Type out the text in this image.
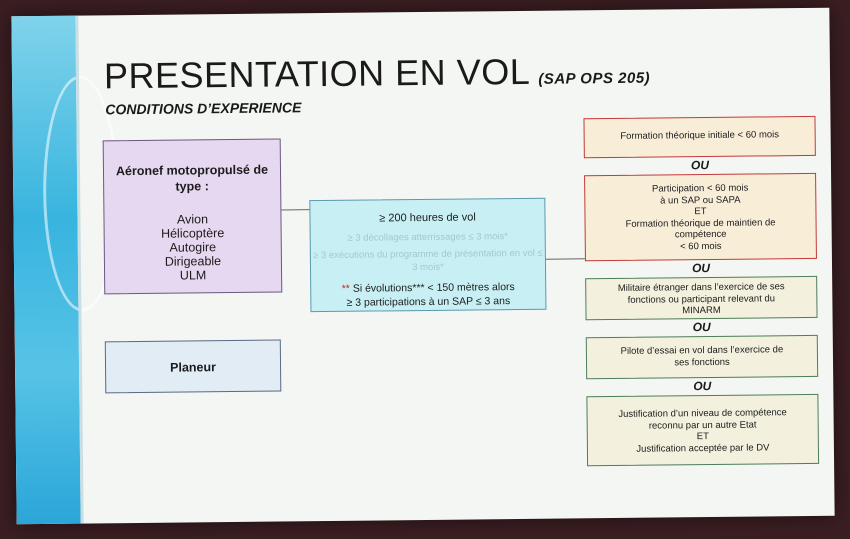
PRESENTATION EN VOL (SAP OPS 205)
CONDITIONS D’EXPERIENCE
Aéronef motopropulsé de type :
Avion
Hélicoptère
Autogire
Dirigeable
ULM
Planeur
≥ 200 heures de vol
≥ 3 décollages atterrissages ≤ 3 mois*
≥ 3 exécutions du programme de présentation en vol ≤ 3 mois*
** Si évolutions*** < 150 mètres alors
≥ 3 participations à un SAP ≤ 3 ans
Formation théorique initiale < 60 mois
OU
Participation < 60 mois
à un SAP ou SAPA
ET
Formation théorique de maintien de
compétence
< 60 mois
OU
Militaire étranger dans l’exercice de ses
fonctions ou participant relevant du
MINARM
OU
Pilote d’essai en vol dans l’exercice de
ses fonctions
OU
Justification d’un niveau de compétence
reconnu par un autre Etat
ET
Justification acceptée par le DV
